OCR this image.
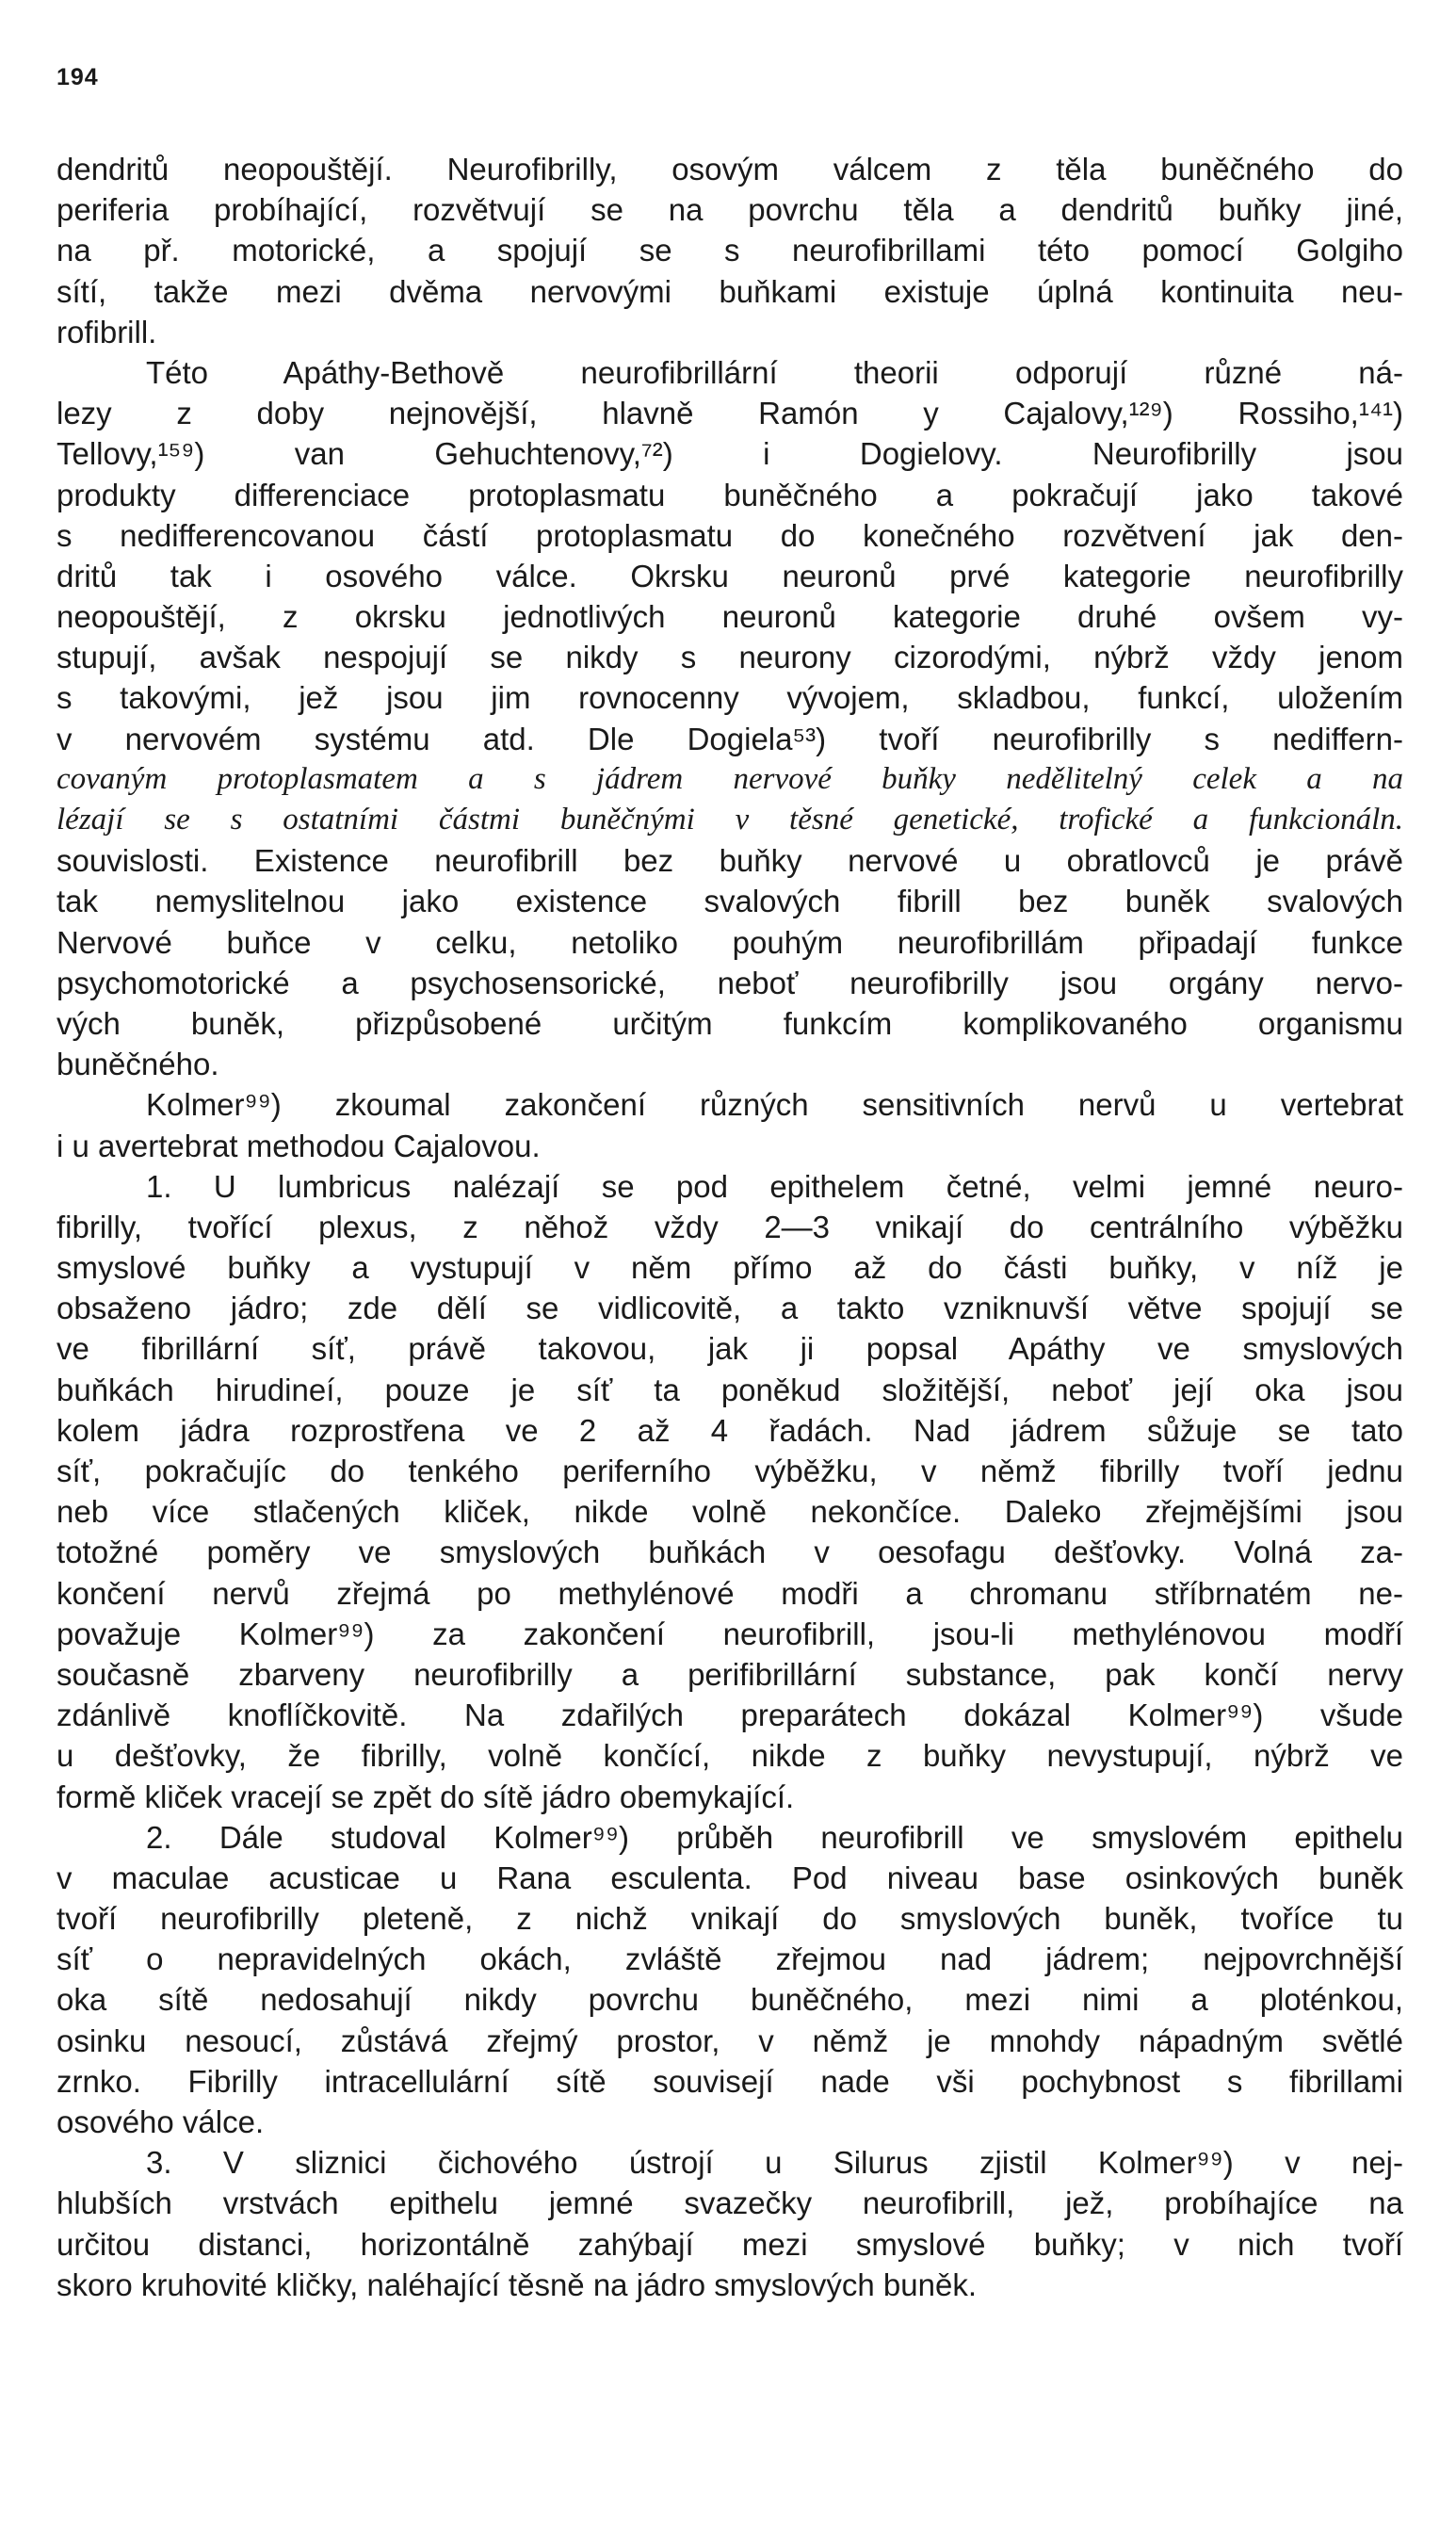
194
dendritů neopouštějí. Neurofibrilly, osovým válcem z těla buněčného do
periferia probíhající, rozvětvují se na povrchu těla a dendritů buňky jiné,
na př. motorické, a spojují se s neurofibrillami této pomocí Golgiho
sítí, takže mezi dvěma nervovými buňkami existuje úplná kontinuita neu-
rofibrill.
Této Apáthy-Bethově neurofibrillární theorii odporují různé ná-
lezy z doby nejnovější, hlavně Ramón y Cajalovy,¹²⁹) Rossiho,¹⁴¹)
Tellovy,¹⁵⁹) van Gehuchtenovy,⁷²) i Dogielovy. Neurofibrilly jsou
produkty differenciace protoplasmatu buněčného a pokračují jako takové
s nedifferencovanou částí protoplasmatu do konečného rozvětvení jak den-
dritů tak i osového válce. Okrsku neuronů prvé kategorie neurofibrilly
neopouštějí, z okrsku jednotlivých neuronů kategorie druhé ovšem vy-
stupují, avšak nespojují se nikdy s neurony cizorodými, nýbrž vždy jenom
s takovými, jež jsou jim rovnocenny vývojem, skladbou, funkcí, uložením
v nervovém systému atd. Dle Dogiela⁵³) tvoří neurofibrilly s nediffern-
covaným protoplasmatem a s jádrem nervové buňky nedělitelný celek a na
lézají se s ostatními částmi buněčnými v těsné genetické, trofické a funkcionáln.
souvislosti. Existence neurofibrill bez buňky nervové u obratlovců je právě
tak nemyslitelnou jako existence svalových fibrill bez buněk svalových
Nervové buňce v celku, netoliko pouhým neurofibrillám připadají funkce
psychomotorické a psychosensorické, neboť neurofibrilly jsou orgány nervo-
vých buněk, přizpůsobené určitým funkcím komplikovaného organismu
buněčného.
Kolmer⁹⁹) zkoumal zakončení různých sensitivních nervů u vertebrat
i u avertebrat methodou Cajalovou.
1. U lumbricus nalézají se pod epithelem četné, velmi jemné neuro-
fibrilly, tvořící plexus, z něhož vždy 2—3 vnikají do centrálního výběžku
smyslové buňky a vystupují v něm přímo až do části buňky, v níž je
obsaženo jádro; zde dělí se vidlicovitě, a takto vzniknuvší větve spojují se
ve fibrillární síť, právě takovou, jak ji popsal Apáthy ve smyslových
buňkách hirudineí, pouze je síť ta poněkud složitější, neboť její oka jsou
kolem jádra rozprostřena ve 2 až 4 řadách. Nad jádrem sůžuje se tato
síť, pokračujíc do tenkého periferního výběžku, v němž fibrilly tvoří jednu
neb více stlačených kliček, nikde volně nekončíce. Daleko zřejmějšími jsou
totožné poměry ve smyslových buňkách v oesofagu dešťovky. Volná za-
končení nervů zřejmá po methylénové modři a chromanu stříbrnatém ne-
považuje Kolmer⁹⁹) za zakončení neurofibrill, jsou-li methylénovou modří
současně zbarveny neurofibrilly a perifibrillární substance, pak končí nervy
zdánlivě knoflíčkovitě. Na zdařilých preparátech dokázal Kolmer⁹⁹) všude
u dešťovky, že fibrilly, volně končící, nikde z buňky nevystupují, nýbrž ve
formě kliček vracejí se zpět do sítě jádro obemykající.
2. Dále studoval Kolmer⁹⁹) průběh neurofibrill ve smyslovém epithelu
v maculae acusticae u Rana esculenta. Pod niveau base osinkových buněk
tvoří neurofibrilly pleteně, z nichž vnikají do smyslových buněk, tvoříce tu
síť o nepravidelných okách, zvláště zřejmou nad jádrem; nejpovrchnější
oka sítě nedosahují nikdy povrchu buněčného, mezi nimi a ploténkou,
osinku nesoucí, zůstává zřejmý prostor, v němž je mnohdy nápadným světlé
zrnko. Fibrilly intracellulární sítě souvisejí nade vši pochybnost s fibrillami
osového válce.
3. V sliznici čichového ústrojí u Silurus zjistil Kolmer⁹⁹) v nej-
hlubších vrstvách epithelu jemné svazečky neurofibrill, jež, probíhajíce na
určitou distanci, horizontálně zahýbají mezi smyslové buňky; v nich tvoří
skoro kruhovité kličky, naléhající těsně na jádro smyslových buněk.
